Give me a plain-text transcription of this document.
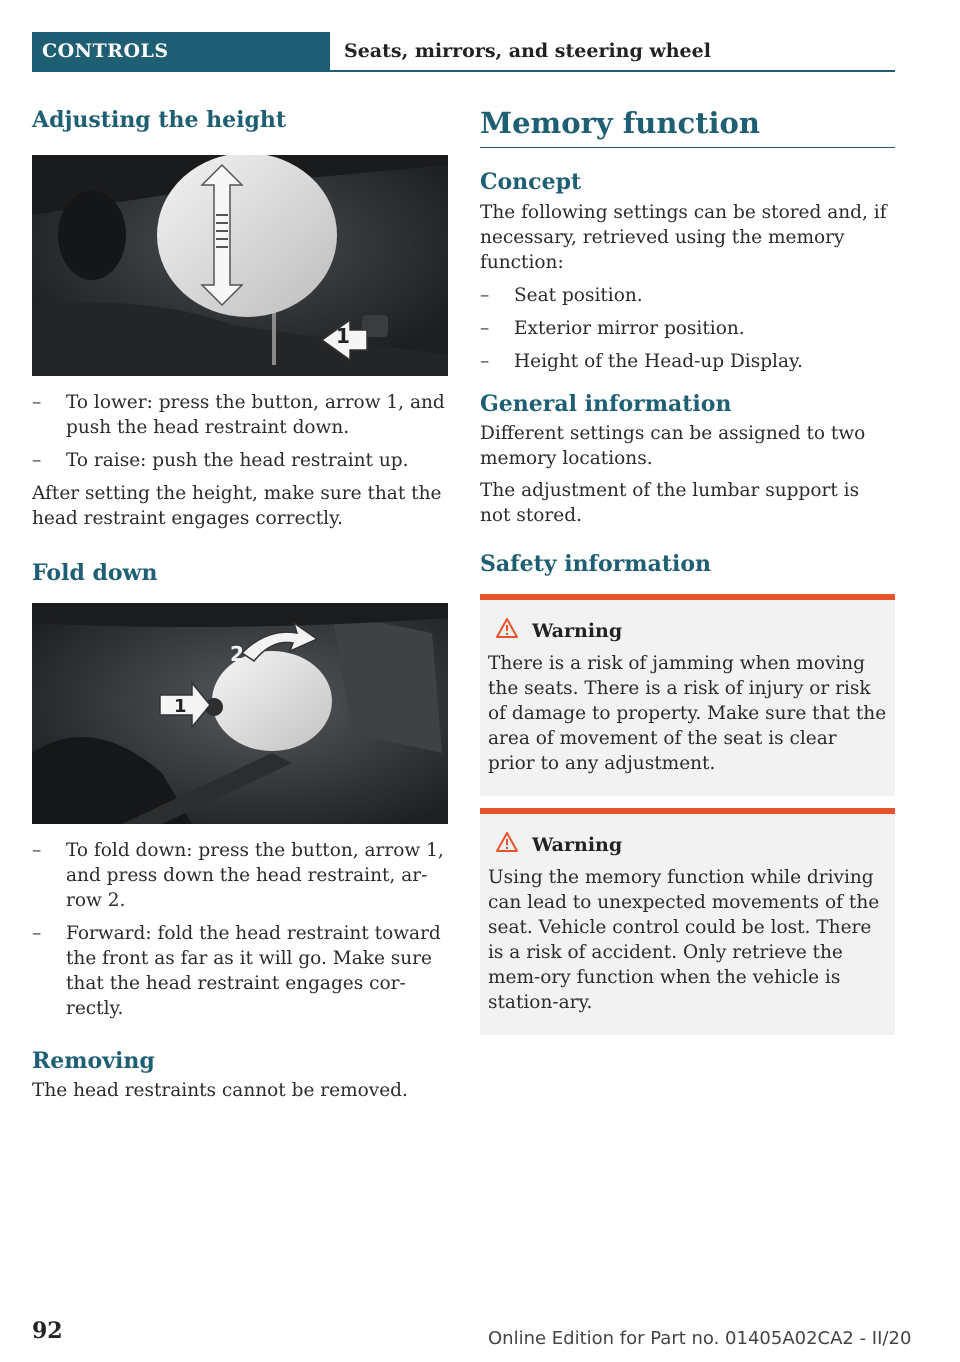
CONTROLS	Seats, mirrors, and steering wheel
Adjusting the height
1
–	To lower: press the button, arrow 1, and push the head restraint down.
–	To raise: push the head restraint up.

After setting the height, make sure that the head restraint engages correctly.

Fold down
2
1
–	To fold down: press the button, arrow 1, and press down the head restraint, ar-row 2.
–	Forward: fold the head restraint toward the front as far as it will go. Make sure that the head restraint engages cor-rectly.
Removing

The head restraints cannot be removed.

Memory function
Concept

The following settings can be stored and, if necessary, retrieved using the memory function:

–	Seat position.
–	Exterior mirror position.
–	Height of the Head-up Display.
General information

Different settings can be assigned to two memory locations.

The adjustment of the lumbar support is not stored.

Safety information
Warning

There is a risk of jamming when moving the seats. There is a risk of injury or risk of damage to property. Make sure that the area of movement of the seat is clear prior to any adjustment.

Warning

Using the memory function while driving can lead to unexpected movements of the seat. Vehicle control could be lost. There is a risk of accident. Only retrieve the mem-ory function when the vehicle is station-ary.

92	Online Edition for Part no. 01405A02CA2 - II/20
